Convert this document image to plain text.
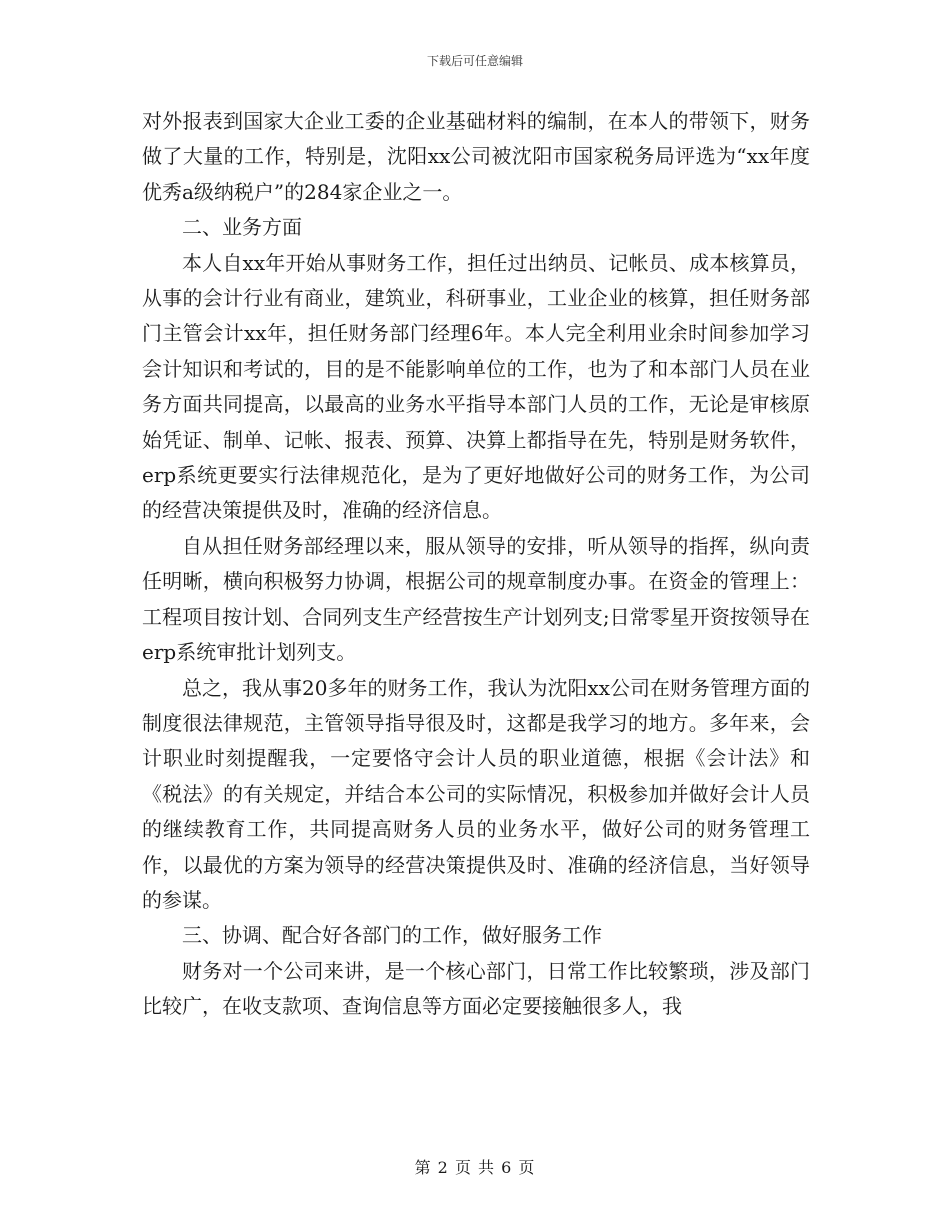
下载后可任意编辑

对外报表到国家大企业工委的企业基础材料的编制，在本人的带领下，财务做了大量的工作，特别是，沈阳xx公司被沈阳市国家税务局评选为“xx年度优秀a级纳税户”的284家企业之一。

二、业务方面

本人自xx年开始从事财务工作，担任过出纳员、记帐员、成本核算员，从事的会计行业有商业，建筑业，科研事业，工业企业的核算，担任财务部门主管会计xx年，担任财务部门经理6年。本人完全利用业余时间参加学习会计知识和考试的，目的是不能影响单位的工作，也为了和本部门人员在业务方面共同提高，以最高的业务水平指导本部门人员的工作，无论是审核原始凭证、制单、记帐、报表、预算、决算上都指导在先，特别是财务软件，erp系统更要实行法律规范化，是为了更好地做好公司的财务工作，为公司的经营决策提供及时，准确的经济信息。

自从担任财务部经理以来，服从领导的安排，听从领导的指挥，纵向责任明晰，横向积极努力协调，根据公司的规章制度办事。在资金的管理上：工程项目按计划、合同列支生产经营按生产计划列支;日常零星开资按领导在erp系统审批计划列支。

总之，我从事20多年的财务工作，我认为沈阳xx公司在财务管理方面的制度很法律规范，主管领导指导很及时，这都是我学习的地方。多年来，会计职业时刻提醒我，一定要恪守会计人员的职业道德，根据《会计法》和《税法》的有关规定，并结合本公司的实际情况，积极参加并做好会计人员的继续教育工作，共同提高财务人员的业务水平，做好公司的财务管理工作，以最优的方案为领导的经营决策提供及时、准确的经济信息，当好领导的参谋。

三、协调、配合好各部门的工作，做好服务工作

财务对一个公司来讲，是一个核心部门，日常工作比较繁琐，涉及部门比较广，在收支款项、查询信息等方面必定要接触很多人，我

第 2 页 共 6 页
